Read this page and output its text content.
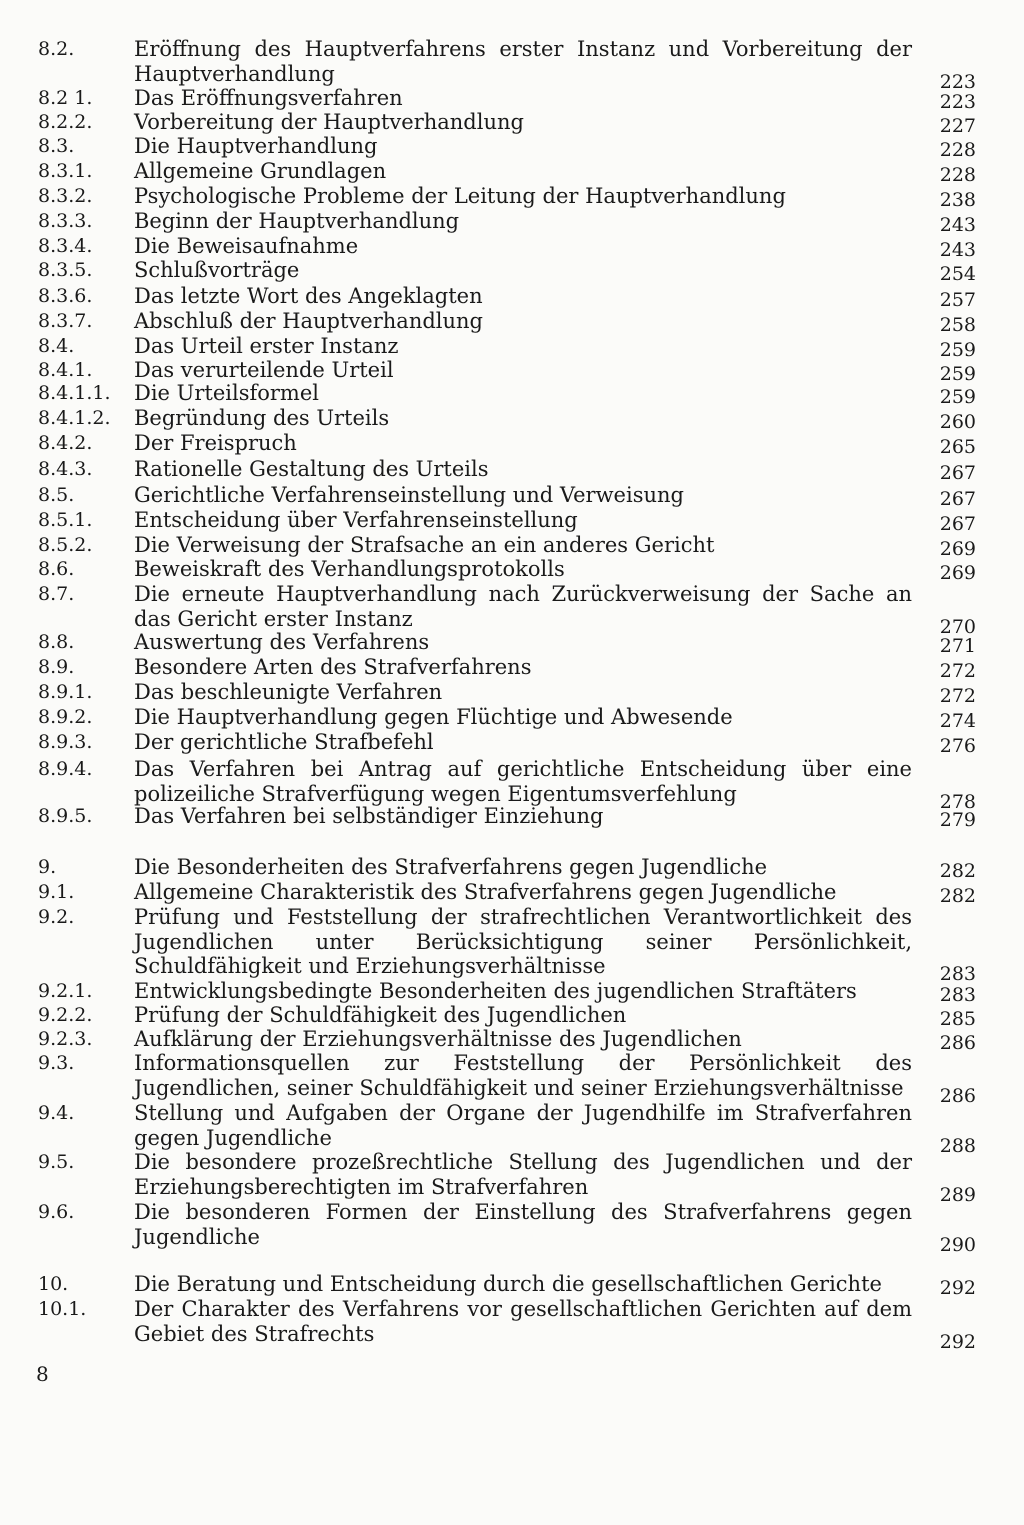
8.2.	Eröffnung des Hauptverfahrens erster Instanz und Vorbereitung der Hauptverhandlung	223
8.2 1. Das Eröffnungsverfahren	223
8.2.2. Vorbereitung der Hauptverhandlung	227
8.3.	Die Hauptverhandlung	228
8.3.1. Allgemeine Grundlagen	228
8.3.2. Psychologische Probleme der Leitung der Hauptverhandlung	238
8.3.3. Beginn der Hauptverhandlung	243
8.3.4. Die Beweisaufnahme	243
8.3.5. Schlußvorträge	254
8.3.6. Das letzte Wort des Angeklagten	257
8.3.7. Abschluß der Hauptverhandlung	258
8.4.	Das Urteil erster Instanz	259
8.4.1. Das verurteilende Urteil	259
8.4.1.1. Die Urteilsformel	259
8.4.1.2. Begründung des Urteils	260
8.4.2. Der Freispruch	265
8.4.3. Rationelle Gestaltung des Urteils	267
8.5.	Gerichtliche Verfahrenseinstellung und Verweisung	267
8.5.1. Entscheidung über Verfahrenseinstellung	267
8.5.2. Die Verweisung der Strafsache an ein anderes Gericht	269
8.6.	Beweiskraft des Verhandlungsprotokolls	269
8.7.	Die erneute Hauptverhandlung nach Zurückverweisung der Sache an das Gericht erster Instanz	270
8.8.	Auswertung des Verfahrens	271
8.9.	Besondere Arten des Strafverfahrens	272
8.9.1. Das beschleunigte Verfahren	272
8.9.2. Die Hauptverhandlung gegen Flüchtige und Abwesende	274
8.9.3. Der gerichtliche Strafbefehl	276
8.9.4. Das Verfahren bei Antrag auf gerichtliche Entscheidung über eine polizeiliche Strafverfügung wegen Eigentumsverfehlung	278
8.9.5. Das Verfahren bei selbständiger Einziehung	279
9.	Die Besonderheiten des Strafverfahrens gegen Jugendliche	282
9.1.	Allgemeine Charakteristik des Strafverfahrens gegen Jugendliche	282
9.2.	Prüfung und Feststellung der strafrechtlichen Verantwortlichkeit des Jugendlichen unter Berücksichtigung seiner Persönlichkeit, Schuldfähigkeit und Erziehungsverhältnisse	283
9.2.1. Entwicklungsbedingte Besonderheiten des jugendlichen Straftäters	283
9.2.2. Prüfung der Schuldfähigkeit des Jugendlichen	285
9.2.3. Aufklärung der Erziehungsverhältnisse des Jugendlichen	286
9.3.	Informationsquellen zur Feststellung der Persönlichkeit des Jugendlichen, seiner Schuldfähigkeit und seiner Erziehungsverhältnisse	286
9.4.	Stellung und Aufgaben der Organe der Jugendhilfe im Strafverfahren gegen Jugendliche	288
9.5.	Die besondere prozeßrechtliche Stellung des Jugendlichen und der Erziehungsberechtigten im Strafverfahren	289
9.6.	Die besonderen Formen der Einstellung des Strafverfahrens gegen Jugendliche	290
10.	Die Beratung und Entscheidung durch die gesellschaftlichen Gerichte	292
10.1. Der Charakter des Verfahrens vor gesellschaftlichen Gerichten auf dem Gebiet des Strafrechts	292
8
